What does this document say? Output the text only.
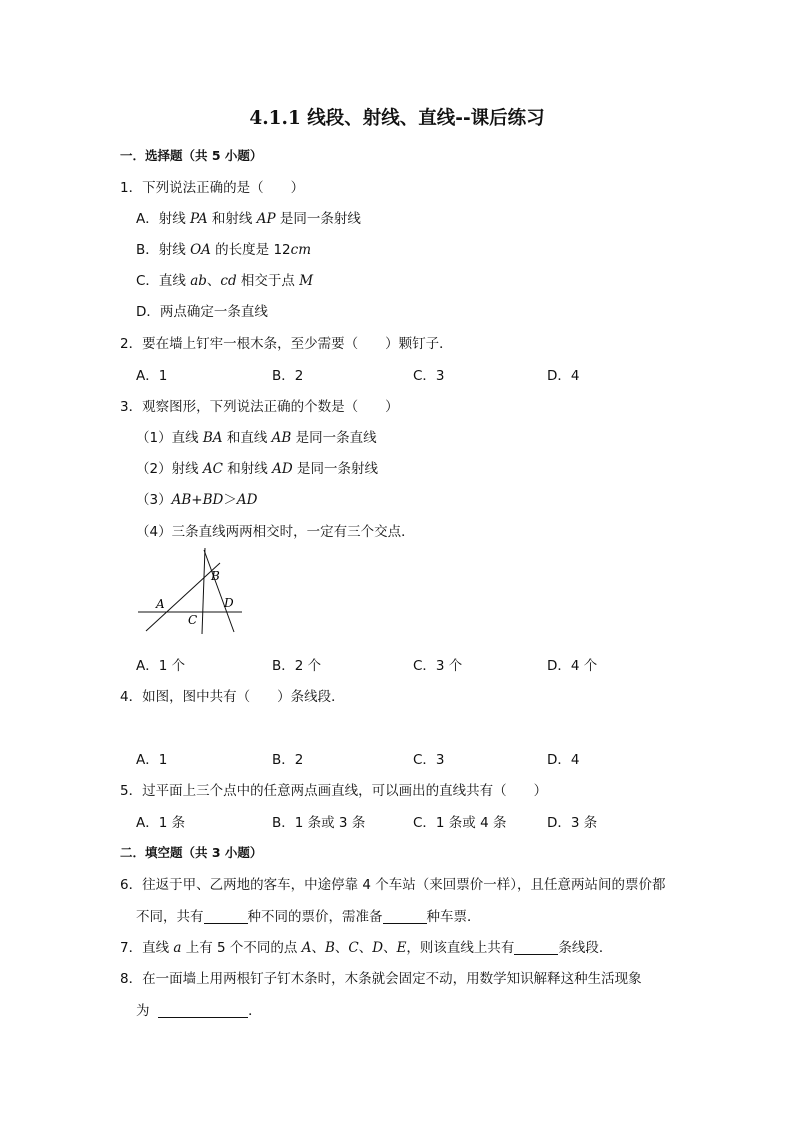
4.1.1 线段、射线、直线--课后练习
一．选择题（共 5 小题）
1．下列说法正确的是（　　）
A．射线 PA 和射线 AP 是同一条射线
B．射线 OA 的长度是 12cm
C．直线 ab、cd 相交于点 M
D．两点确定一条直线
2．要在墙上钉牢一根木条，至少需要（　　）颗钉子．
A．1	B．2	C．3	D．4
3．观察图形，下列说法正确的个数是（　　）
（1）直线 BA 和直线 AB 是同一条直线
（2）射线 AC 和射线 AD 是同一条射线
（3）AB+BD＞AD
（4）三条直线两两相交时，一定有三个交点．
A
B
C
D
A．1 个	B．2 个	C．3 个	D．4 个
4．如图，图中共有（　　）条线段．
A．1	B．2	C．3	D．4
5．过平面上三个点中的任意两点画直线，可以画出的直线共有（　　）
A．1 条	B．1 条或 3 条	C．1 条或 4 条	D．3 条
二．填空题（共 3 小题）
6．往返于甲、乙两地的客车，中途停靠 4 个车站（来回票价一样），且任意两站间的票价都
不同，共有	种不同的票价，需准备	种车票．
7．直线 a 上有 5 个不同的点 A、B、C、D、E，则该直线上共有	条线段．
8．在一面墙上用两根钉子钉木条时，木条就会固定不动，用数学知识解释这种生活现象
为	．
